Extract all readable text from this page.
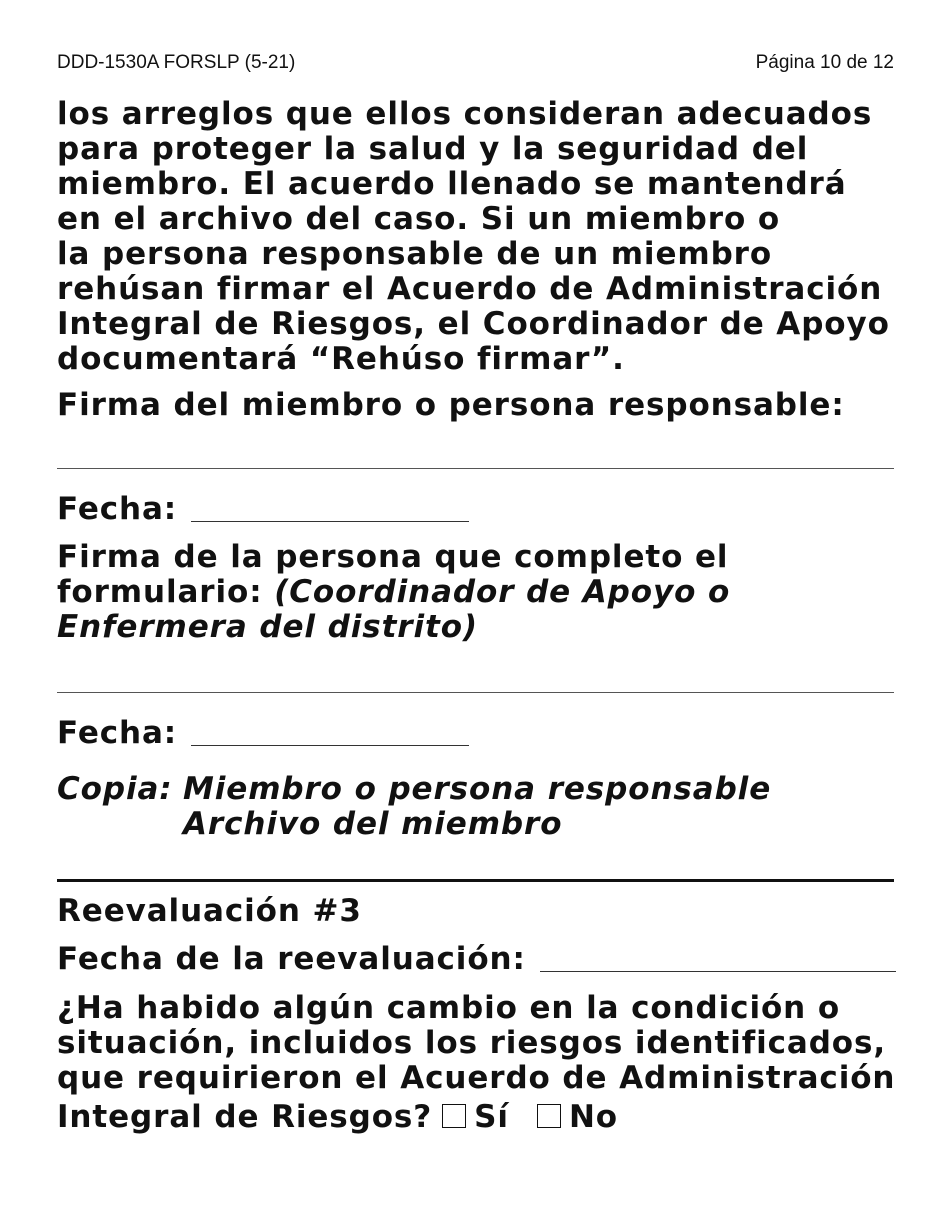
DDD-1530A FORSLP (5-21)	Página 10 de 12
los arreglos que ellos consideran adecuados
para proteger la salud y la seguridad del
miembro. El acuerdo llenado se mantendrá
en el archivo del caso. Si un miembro o
la persona responsable de un miembro
rehúsan firmar el Acuerdo de Administración
Integral de Riesgos, el Coordinador de Apoyo
documentará “Rehúso firmar”.
Firma del miembro o persona responsable:
Fecha:
Firma de la persona que completo el
formulario: (Coordinador de Apoyo o
Enfermera del distrito)
Fecha:
Copia: Miembro o persona responsable
Archivo del miembro
Reevaluación #3
Fecha de la reevaluación:
¿Ha habido algún cambio en la condición o
situación, incluidos los riesgos identificados,
que requirieron el Acuerdo de Administración
Integral de Riesgos? Sí No
